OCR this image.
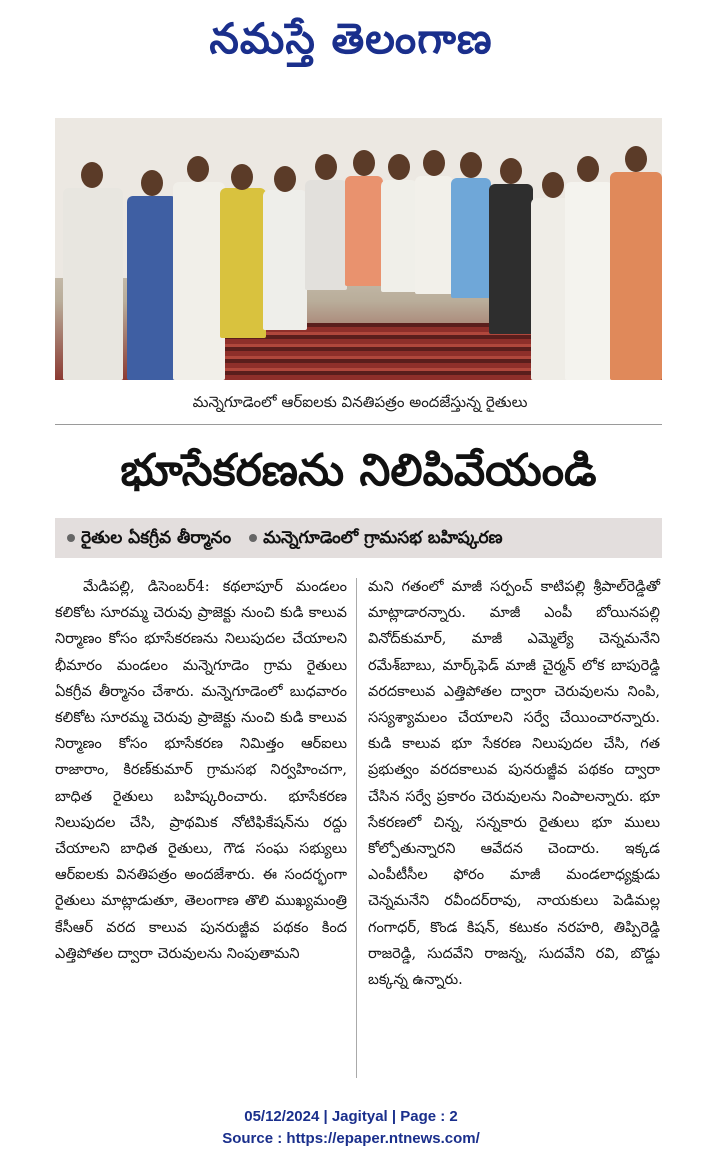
నమస్తే తెలంగాణ
మన్నెగూడెంలో ఆర్‌ఐలకు వినతిపత్రం అందజేస్తున్న రైతులు
భూసేకరణను నిలిపివేయండి
రైతుల ఏకగ్రీవ తీర్మానం మన్నెగూడెంలో గ్రామసభ బహిష్కరణ
మేడిపల్లి, డిసెంబర్‌4: కథలాపూర్‌ మండలం కలికోట సూరమ్మ చెరువు ప్రాజెక్టు నుంచి కుడి కాలువ నిర్మాణం కోసం భూసేకరణను నిలుపుదల చేయాలని భీమారం మండలం మన్నెగూడెం గ్రామ రైతులు ఏకగ్రీవ తీర్మానం చేశారు. మన్నెగూడెంలో బుధవారం కలికోట సూరమ్మ చెరువు ప్రాజెక్టు నుంచి కుడి కాలువ నిర్మాణం కోసం భూసేకరణ నిమిత్తం ఆర్‌ఐలు రాజారాం, కిరణ్‌కుమార్‌ గ్రామసభ నిర్వహించగా, బాధిత రైతులు బహిష్కరించారు. భూసేకరణ నిలుపుదల చేసి, ప్రాథమిక నోటిఫికేషన్‌ను రద్దు చేయాలని బాధిత రైతులు, గౌడ సంఘ సభ్యులు ఆర్‌ఐలకు వినతిపత్రం అందజేశారు. ఈ సందర్భంగా రైతులు మాట్లాడుతూ, తెలంగాణ తొలి ముఖ్యమంత్రి కేసీఆర్‌ వరద కాలువ పునరుజ్జీవ పథకం కింద ఎత్తిపోతల ద్వారా చెరువులను నింపుతామని
మని గతంలో మాజీ సర్పంచ్‌ కాటిపల్లి శ్రీపాల్‌రెడ్డితో మాట్లాడారన్నారు. మాజీ ఎంపీ బోయినపల్లి వినోద్‌కుమార్‌, మాజీ ఎమ్మెల్యే చెన్నమనేని రమేశ్‌బాబు, మార్క్‌ఫెడ్‌ మాజీ చైర్మన్‌ లోక బాపురెడ్డి వరదకాలువ ఎత్తిపోతల ద్వారా చెరువులను నింపి, సస్యశ్యామలం చేయాలని సర్వే చేయించారన్నారు. కుడి కాలువ భూ సేకరణ నిలుపుదల చేసి, గత ప్రభుత్వం వరదకాలువ పునరుజ్జీవ పథకం ద్వారా చేసిన సర్వే ప్రకారం చెరువులను నింపాలన్నారు. భూ సేకరణలో చిన్న, సన్నకారు రైతులు భూ ములు కోల్పోతున్నారని ఆవేదన చెందారు. ఇక్కడ ఎంపీటీసీల ఫోరం మాజీ మండలాధ్యక్షుడు చెన్నమనేని రవీందర్‌రావు, నాయకులు పెడిమల్ల గంగాధర్‌, కొండ కిషన్‌, కటుకం నరహరి, తిప్పిరెడ్డి రాజరెడ్డి, సుదవేని రాజన్న, సుదవేని రవి, బొడ్డు బక్కన్న ఉన్నారు.
05/12/2024 | Jagityal | Page : 2
Source : https://epaper.ntnews.com/
